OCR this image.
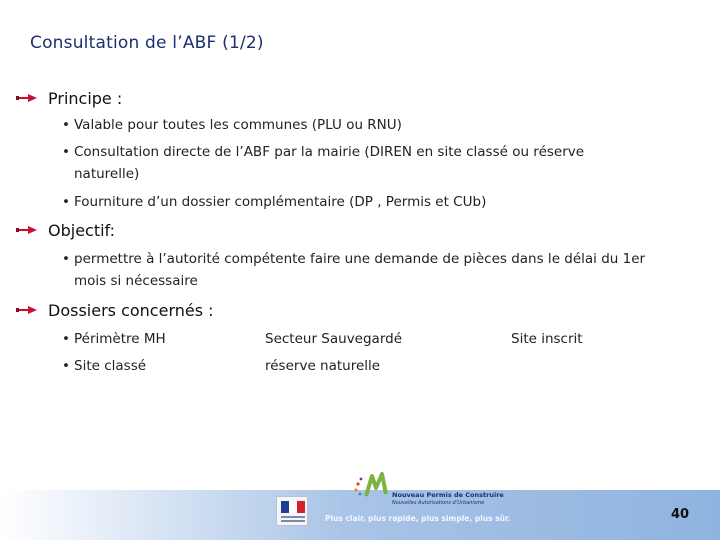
Consultation de l’ABF (1/2)
Principe :
• Valable pour toutes les communes (PLU ou RNU)
• Consultation directe de l’ABF par la mairie (DIREN en site classé ou réserve
naturelle)
• Fourniture d’un dossier complémentaire (DP , Permis et CUb)
Objectif:
• permettre à l’autorité compétente faire une demande de pièces dans le délai du 1er
mois si nécessaire
Dossiers concernés :
• Périmètre MH	Secteur Sauvegardé	Site inscrit
• Site classé	réserve naturelle
Nouveau Permis de Construire
Nouvelles Autorisations d’Urbanisme
Plus clair, plus rapide, plus simple, plus sûr.	40
